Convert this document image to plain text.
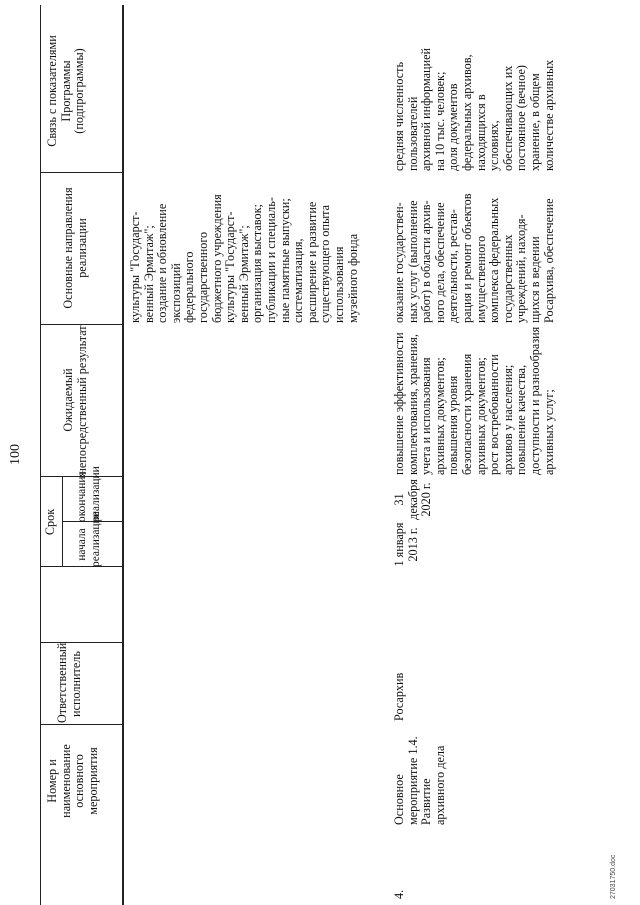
100
Номер и
наименование
основного
мероприятия
Ответственный
исполнитель
Срок
начала
реализации
окончания
реализации
Ожидаемый
непосредственный результат
Основные направления
реализации
Связь с показателями
Программы
(подпрограммы)
культуры "Государст-
венный Эрмитаж";
создание и обновление
экспозиций
федерального
государственного
бюджетного учреждения
культуры "Государст-
венный Эрмитаж";
организация выставок;
публикации и специаль-
ные памятные выпуски;
систематизация,
расширение и развитие
существующего опыта
использования
музейного фонда
4.
Основное
мероприятие 1.4.
Развитие
архивного дела
Росархив
1 января
2013 г.
31
декабря
2020 г.
повышение эффективности
комплектования, хранения,
учета и использования
архивных документов;
повышения уровня
безопасности хранения
архивных документов;
рост востребованности
архивов у населения;
повышение качества,
доступности и разнообразия
архивных услуг;
оказание государствен-
ных услуг (выполнение
работ) в области архив-
ного дела, обеспечение
деятельности, рестав-
рация и ремонт объектов
имущественного
комплекса федеральных
государственных
учреждений, находя-
щихся в ведении
Росархива, обеспечение
средняя численность
пользователей
архивной информацией
на 10 тыс. человек;
доля документов
федеральных архивов,
находящихся в
условиях,
обеспечивающих их
постоянное (вечное)
хранение, в общем
количестве архивных
27031750.doc
